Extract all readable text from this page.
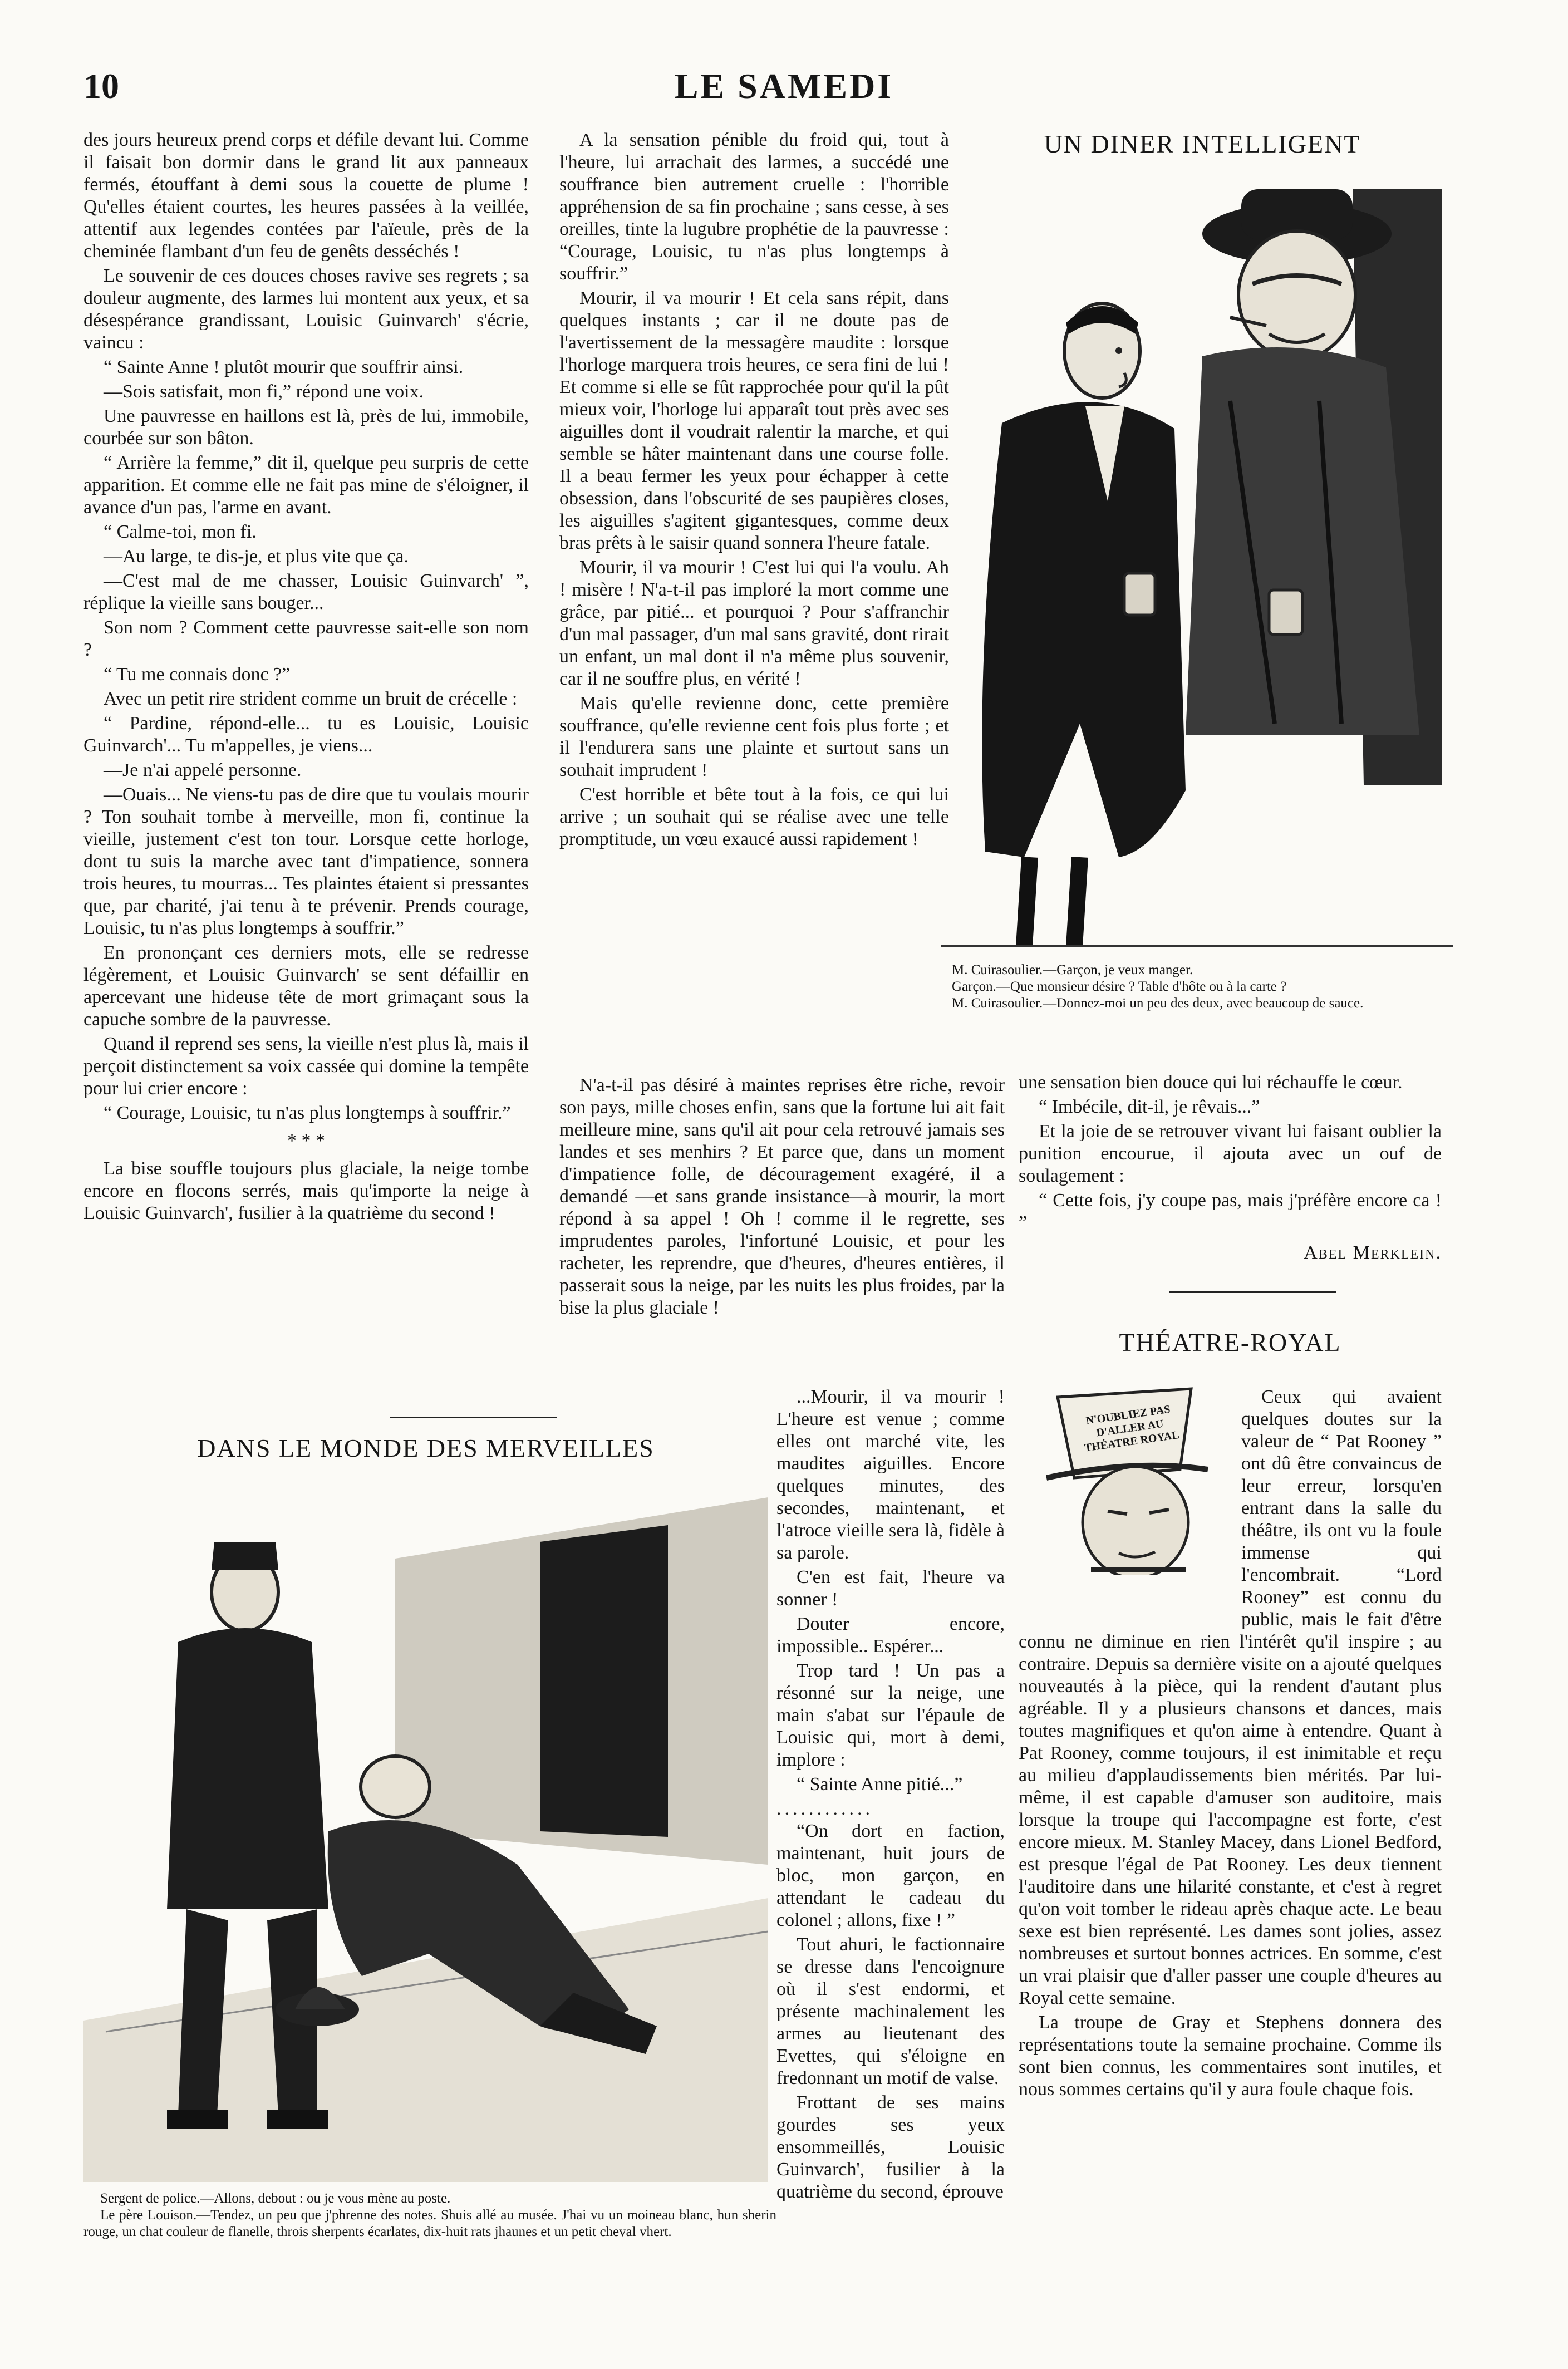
10	LE SAMEDI

des jours heureux prend corps et défile devant lui. Comme il faisait bon dormir dans le grand lit aux panneaux fermés, étouffant à demi sous la couette de plume ! Qu'elles étaient courtes, les heures passées à la veillée, attentif aux legendes contées par l'aïeule, près de la cheminée flambant d'un feu de genêts desséchés !

Le souvenir de ces douces choses ravive ses regrets ; sa douleur augmente, des larmes lui montent aux yeux, et sa désespérance grandissant, Louisic Guinvarch' s'écrie, vaincu :

“ Sainte Anne ! plutôt mourir que souffrir ainsi.

—Sois satisfait, mon fi,” répond une voix.

Une pauvresse en haillons est là, près de lui, immobile, courbée sur son bâton.

“ Arrière la femme,” dit il, quelque peu surpris de cette apparition. Et comme elle ne fait pas mine de s'éloigner, il avance d'un pas, l'arme en avant.

“ Calme-toi, mon fi.

—Au large, te dis-je, et plus vite que ça.

—C'est mal de me chasser, Louisic Guinvarch' ”, réplique la vieille sans bouger...

Son nom ? Comment cette pauvresse sait-elle son nom ?

“ Tu me connais donc ?”

Avec un petit rire strident comme un bruit de crécelle :

“ Pardine, répond-elle... tu es Louisic, Louisic Guinvarch'... Tu m'appelles, je viens...

—Je n'ai appelé personne.

—Ouais... Ne viens-tu pas de dire que tu voulais mourir ? Ton souhait tombe à merveille, mon fi, continue la vieille, justement c'est ton tour. Lorsque cette horloge, dont tu suis la marche avec tant d'impatience, sonnera trois heures, tu mourras... Tes plaintes étaient si pressantes que, par charité, j'ai tenu à te prévenir. Prends courage, Louisic, tu n'as plus longtemps à souffrir.”

En prononçant ces derniers mots, elle se redresse légèrement, et Louisic Guinvarch' se sent défaillir en apercevant une hideuse tête de mort grimaçant sous la capuche sombre de la pauvresse.

Quand il reprend ses sens, la vieille n'est plus là, mais il perçoit distinctement sa voix cassée qui domine la tempête pour lui crier encore :

“ Courage, Louisic, tu n'as plus longtemps à souffrir.”

* * *

La bise souffle toujours plus glaciale, la neige tombe encore en flocons serrés, mais qu'importe la neige à Louisic Guinvarch', fusilier à la quatrième du second !

A la sensation pénible du froid qui, tout à l'heure, lui arrachait des larmes, a succédé une souffrance bien autrement cruelle : l'horrible appréhension de sa fin prochaine ; sans cesse, à ses oreilles, tinte la lugubre prophétie de la pauvresse : “Courage, Louisic, tu n'as plus longtemps à souffrir.”

Mourir, il va mourir ! Et cela sans répit, dans quelques instants ; car il ne doute pas de l'avertissement de la messagère maudite : lorsque l'horloge marquera trois heures, ce sera fini de lui ! Et comme si elle se fût rapprochée pour qu'il la pût mieux voir, l'horloge lui apparaît tout près avec ses aiguilles dont il voudrait ralentir la marche, et qui semble se hâter maintenant dans une course folle. Il a beau fermer les yeux pour échapper à cette obsession, dans l'obscurité de ses paupières closes, les aiguilles s'agitent gigantesques, comme deux bras prêts à le saisir quand sonnera l'heure fatale.

Mourir, il va mourir ! C'est lui qui l'a voulu. Ah ! misère ! N'a-t-il pas imploré la mort comme une grâce, par pitié... et pourquoi ? Pour s'affranchir d'un mal passager, d'un mal sans gravité, dont rirait un enfant, un mal dont il n'a même plus souvenir, car il ne souffre plus, en vérité !

Mais qu'elle revienne donc, cette première souffrance, qu'elle revienne cent fois plus forte ; et il l'endurera sans une plainte et surtout sans un souhait imprudent !

C'est horrible et bête tout à la fois, ce qui lui arrive ; un souhait qui se réalise avec une telle promptitude, un vœu exaucé aussi rapidement !

N'a-t-il pas désiré à maintes reprises être riche, revoir son pays, mille choses enfin, sans que la fortune lui ait fait meilleure mine, sans qu'il ait pour cela retrouvé jamais ses landes et ses menhirs ? Et parce que, dans un moment d'impatience folle, de découragement exagéré, il a demandé —et sans grande insistance—à mourir, la mort répond à sa appel ! Oh ! comme il le regrette, ses imprudentes paroles, l'infortuné Louisic, et pour les racheter, les reprendre, que d'heures, d'heures entières, il passerait sous la neige, par les nuits les plus froides, par la bise la plus glaciale !

...Mourir, il va mourir ! L'heure est venue ; comme elles ont marché vite, les maudites aiguilles. Encore quelques minutes, des secondes, maintenant, et l'atroce vieille sera là, fidèle à sa parole.

C'en est fait, l'heure va sonner !

Douter encore, impossible.. Espérer...

Trop tard ! Un pas a résonné sur la neige, une main s'abat sur l'épaule de Louisic qui, mort à demi, implore :

“ Sainte Anne pitié...”

............

“On dort en faction, maintenant, huit jours de bloc, mon garçon, en attendant le cadeau du colonel ; allons, fixe ! ”

Tout ahuri, le factionnaire se dresse dans l'encoignure où il s'est endormi, et présente machinalement les armes au lieutenant des Evettes, qui s'éloigne en fredonnant un motif de valse.

Frottant de ses mains gourdes ses yeux ensommeillés, Louisic Guinvarch', fusilier à la quatrième du second, éprouve

une sensation bien douce qui lui réchauffe le cœur.

“ Imbécile, dit-il, je rêvais...”

Et la joie de se retrouver vivant lui faisant oublier la punition encourue, il ajouta avec un ouf de soulagement :

“ Cette fois, j'y coupe pas, mais j'préfère encore ca ! ”

Abel Merklein.
UN DINER INTELLIGENT

M. Cuirasoulier.—Garçon, je veux manger.

Garçon.—Que monsieur désire ? Table d'hôte ou à la carte ?

M. Cuirasoulier.—Donnez-moi un peu des deux, avec beaucoup de sauce.

DANS LE MONDE DES MERVEILLES

Sergent de police.—Allons, debout : ou je vous mène au poste.

Le père Louison.—Tendez, un peu que j'phrenne des notes. Shuis allé au musée. J'hai vu un moineau blanc, hun sherin rouge, un chat couleur de flanelle, throis sherpents écarlates, dix-huit rats jhaunes et un petit cheval vhert.

THÉATRE-ROYAL
N'OUBLIEZ PAS D'ALLER AU THÉATRE ROYAL

Ceux qui avaient quelques doutes sur la valeur de “ Pat Rooney ” ont dû être convaincus de leur erreur, lorsqu'en entrant dans la salle du théâtre, ils ont vu la foule immense qui l'encombrait. “Lord Rooney” est connu du public, mais le fait d'être connu ne diminue en rien l'intérêt qu'il inspire ; au contraire. Depuis sa dernière visite on a ajouté quelques nouveautés à la pièce, qui la rendent d'autant plus agréable. Il y a plusieurs chansons et dances, mais toutes magnifiques et qu'on aime à entendre. Quant à Pat Rooney, comme toujours, il est inimitable et reçu au milieu d'applaudissements bien mérités. Par lui-même, il est capable d'amuser son auditoire, mais lorsque la troupe qui l'accompagne est forte, c'est encore mieux. M. Stanley Macey, dans Lionel Bedford, est presque l'égal de Pat Rooney. Les deux tiennent l'auditoire dans une hilarité constante, et c'est à regret qu'on voit tomber le rideau après chaque acte. Le beau sexe est bien représenté. Les dames sont jolies, assez nombreuses et surtout bonnes actrices. En somme, c'est un vrai plaisir que d'aller passer une couple d'heures au Royal cette semaine.

La troupe de Gray et Stephens donnera des représentations toute la semaine prochaine. Comme ils sont bien connus, les commentaires sont inutiles, et nous sommes certains qu'il y aura foule chaque fois.
